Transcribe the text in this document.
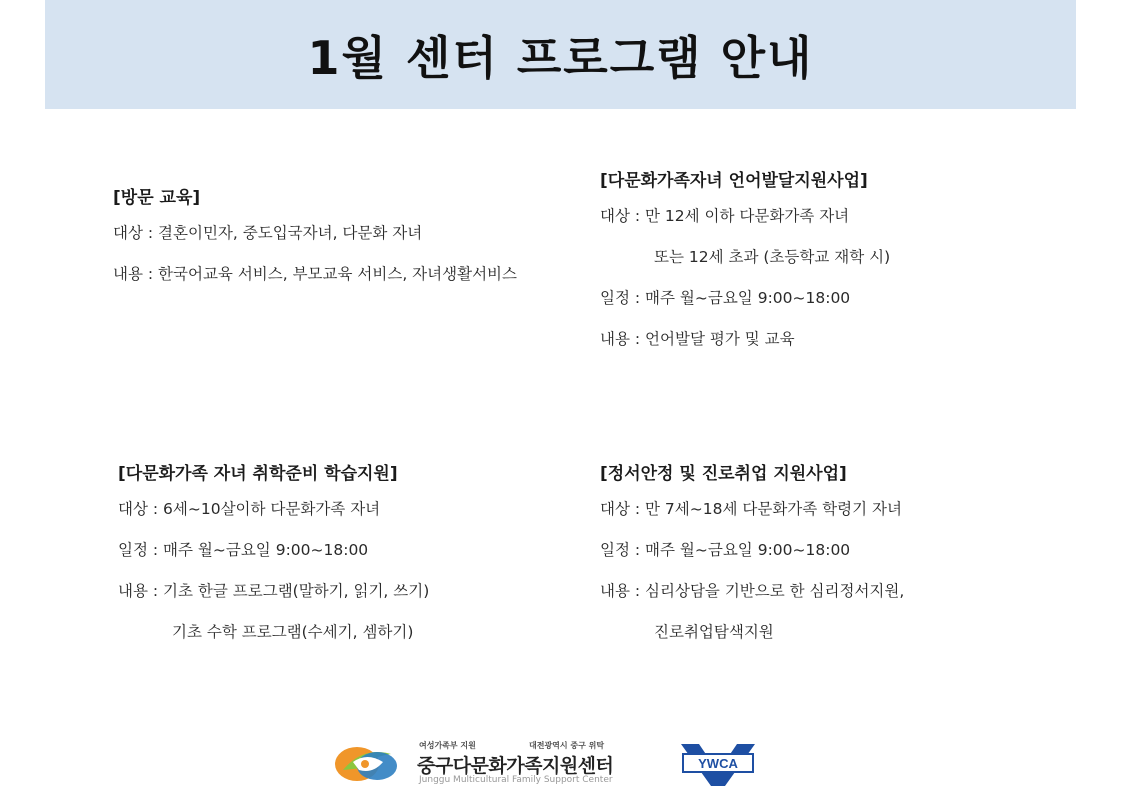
1월 센터 프로그램 안내
[방문 교육]
대상 : 결혼이민자, 중도입국자녀, 다문화 자녀
내용 : 한국어교육 서비스, 부모교육 서비스, 자녀생활서비스
[다문화가족자녀 언어발달지원사업]
대상 : 만 12세 이하 다문화가족 자녀
또는 12세 초과 (초등학교 재학 시)
일정 : 매주 월~금요일 9:00~18:00
내용 : 언어발달 평가 및 교육
[다문화가족 자녀 취학준비 학습지원]
대상 : 6세~10살이하 다문화가족 자녀
일정 : 매주 월~금요일 9:00~18:00
내용 : 기초 한글 프로그램(말하기, 읽기, 쓰기)
기초 수학 프로그램(수세기, 셈하기)
[정서안정 및 진로취업 지원사업]
대상 : 만 7세~18세 다문화가족 학령기 자녀
일정 : 매주 월~금요일 9:00~18:00
내용 : 심리상담을 기반으로 한 심리정서지원,
진로취업탐색지원
여성가족부 지원	대전광역시 중구 위탁
중구다문화가족지원센터
Junggu Multicultural Family Support Center
YWCA
